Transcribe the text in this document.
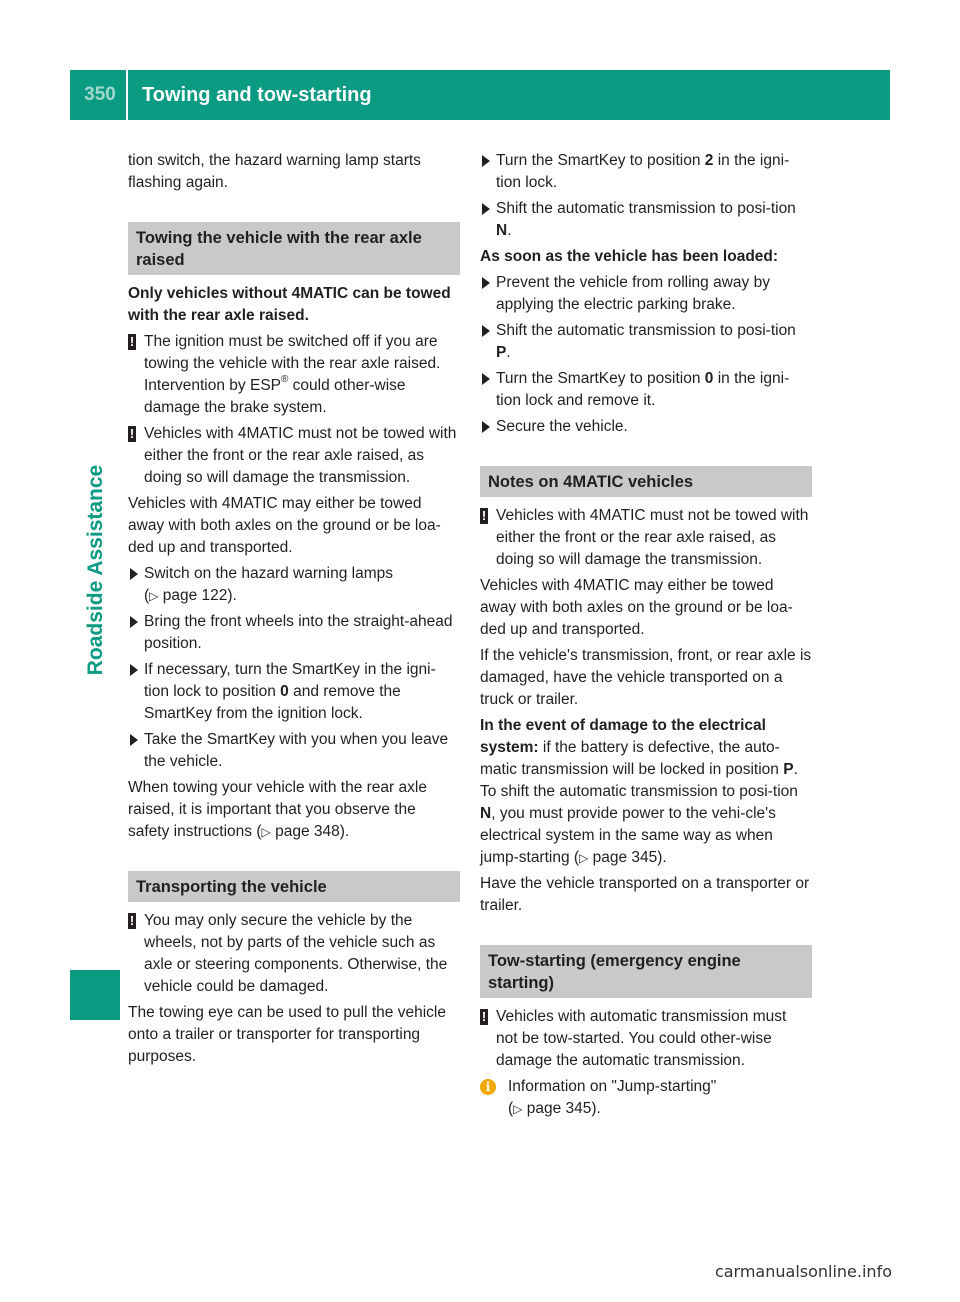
350	Towing and tow-starting
Roadside Assistance

tion switch, the hazard warning lamp starts flashing again.

Towing the vehicle with the rear axle raised

Only vehicles without 4MATIC can be towed with the rear axle raised.

! The ignition must be switched off if you are towing the vehicle with the rear axle raised. Intervention by ESP® could other-wise damage the brake system.
! Vehicles with 4MATIC must not be towed with either the front or the rear axle raised, as doing so will damage the transmission.

Vehicles with 4MATIC may either be towed away with both axles on the ground or be loa-ded up and transported.

Switch on the hazard warning lamps
(▷ page 122).
Bring the front wheels into the straight-ahead position.
If necessary, turn the SmartKey in the igni-tion lock to position 0 and remove the SmartKey from the ignition lock.
Take the SmartKey with you when you leave the vehicle.

When towing your vehicle with the rear axle raised, it is important that you observe the safety instructions (▷ page 348).

Transporting the vehicle
! You may only secure the vehicle by the wheels, not by parts of the vehicle such as axle or steering components. Otherwise, the vehicle could be damaged.

The towing eye can be used to pull the vehicle onto a trailer or transporter for transporting purposes.

Turn the SmartKey to position 2 in the igni-tion lock.
Shift the automatic transmission to posi-tion N.

As soon as the vehicle has been loaded:

Prevent the vehicle from rolling away by applying the electric parking brake.
Shift the automatic transmission to posi-tion P.
Turn the SmartKey to position 0 in the igni-tion lock and remove it.
Secure the vehicle.
Notes on 4MATIC vehicles
! Vehicles with 4MATIC must not be towed with either the front or the rear axle raised, as doing so will damage the transmission.

Vehicles with 4MATIC may either be towed away with both axles on the ground or be loa-ded up and transported.

If the vehicle's transmission, front, or rear axle is damaged, have the vehicle transported on a truck or trailer.

In the event of damage to the electrical system: if the battery is defective, the auto-matic transmission will be locked in position P. To shift the automatic transmission to posi-tion N, you must provide power to the vehi-cle's electrical system in the same way as when jump-starting (▷ page 345).

Have the vehicle transported on a transporter or trailer.

Tow-starting (emergency engine starting)
! Vehicles with automatic transmission must not be tow-started. You could other-wise damage the automatic transmission.
i	Information on "Jump-starting"
(▷ page 345).
carmanualsonline.info
